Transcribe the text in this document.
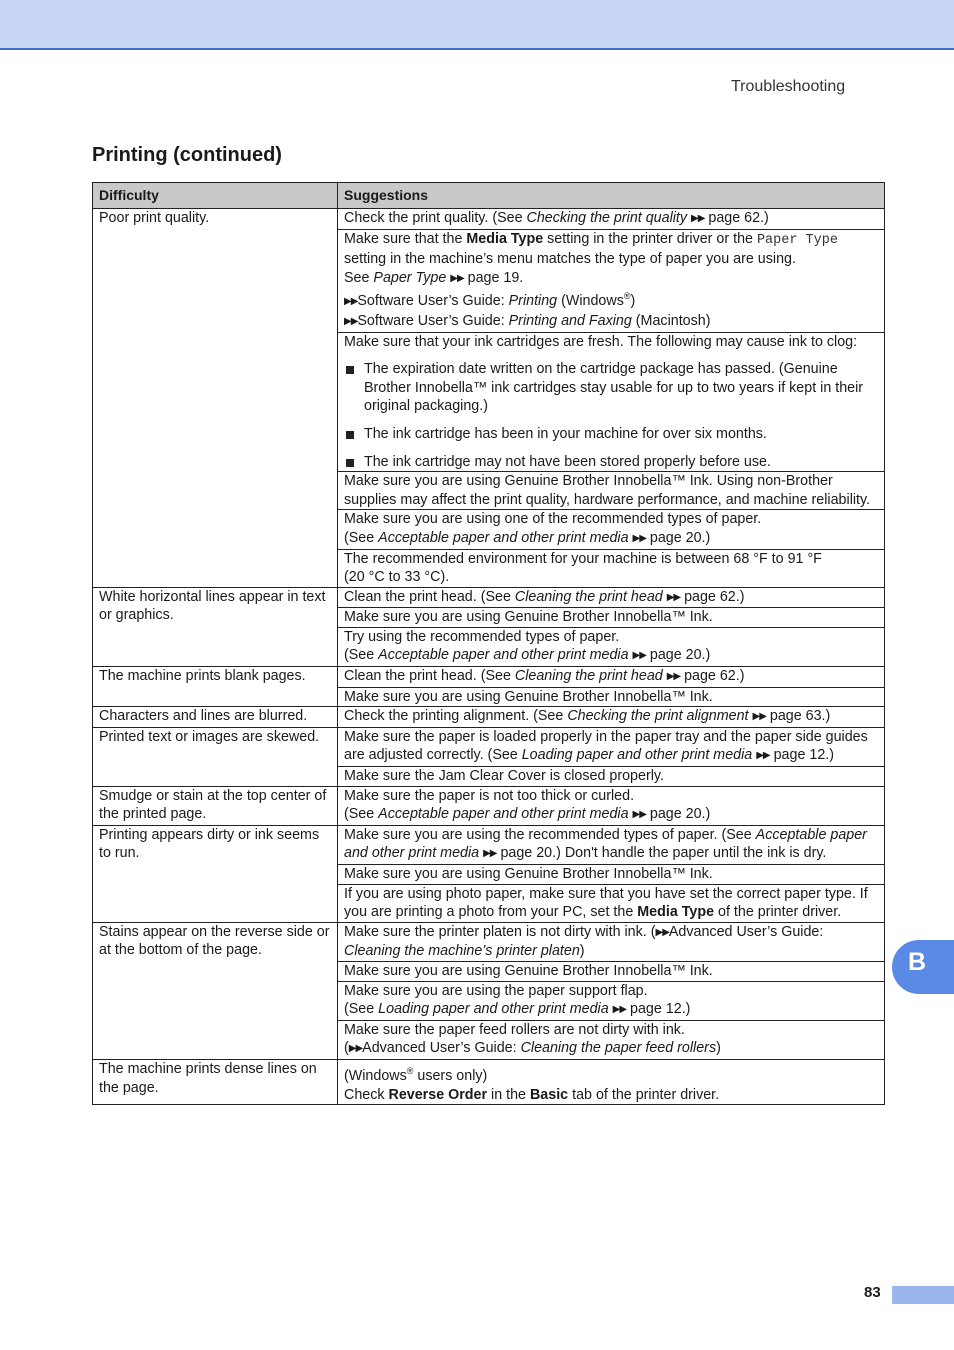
Troubleshooting
Printing (continued)
Difficulty	Suggestions
Poor print quality.	Check the print quality. (See Checking the print quality ▶▶ page 62.)
	Make sure that the Media Type setting in the printer driver or the Paper Type setting in the machine’s menu matches the type of paper you are using.
See Paper Type ▶▶ page 19.
▶▶Software User’s Guide: Printing (Windows®)
▶▶Software User’s Guide: Printing and Faxing (Macintosh)
	Make sure that your ink cartridges are fresh. The following may cause ink to clog:
The expiration date written on the cartridge package has passed. (Genuine Brother Innobella™ ink cartridges stay usable for up to two years if kept in their original packaging.)
The ink cartridge has been in your machine for over six months.
The ink cartridge may not have been stored properly before use.

	Make sure you are using Genuine Brother Innobella™ Ink. Using non-Brother supplies may affect the print quality, hardware performance, and machine reliability.
	Make sure you are using one of the recommended types of paper.
(See Acceptable paper and other print media ▶▶ page 20.)
	The recommended environment for your machine is between 68 °F to 91 °F
(20 °C to 33 °C).
White horizontal lines appear in text or graphics.	Clean the print head. (See Cleaning the print head ▶▶ page 62.)
	Make sure you are using Genuine Brother Innobella™ Ink.
	Try using the recommended types of paper.
(See Acceptable paper and other print media ▶▶ page 20.)
The machine prints blank pages.	Clean the print head. (See Cleaning the print head ▶▶ page 62.)
	Make sure you are using Genuine Brother Innobella™ Ink.
Characters and lines are blurred.	Check the printing alignment. (See Checking the print alignment ▶▶ page 63.)
Printed text or images are skewed.	Make sure the paper is loaded properly in the paper tray and the paper side guides are adjusted correctly. (See Loading paper and other print media ▶▶ page 12.)
	Make sure the Jam Clear Cover is closed properly.
Smudge or stain at the top center of the printed page.	Make sure the paper is not too thick or curled.
(See Acceptable paper and other print media ▶▶ page 20.)
Printing appears dirty or ink seems to run.	Make sure you are using the recommended types of paper. (See Acceptable paper and other print media ▶▶ page 20.) Don't handle the paper until the ink is dry.
	Make sure you are using Genuine Brother Innobella™ Ink.
	If you are using photo paper, make sure that you have set the correct paper type. If you are printing a photo from your PC, set the Media Type of the printer driver.
Stains appear on the reverse side or at the bottom of the page.	Make sure the printer platen is not dirty with ink. (▶▶Advanced User’s Guide: Cleaning the machine’s printer platen)
	Make sure you are using Genuine Brother Innobella™ Ink.
	Make sure you are using the paper support flap.
(See Loading paper and other print media ▶▶ page 12.)
	Make sure the paper feed rollers are not dirty with ink.
(▶▶Advanced User’s Guide: Cleaning the paper feed rollers)
The machine prints dense lines on the page.	(Windows® users only)
Check Reverse Order in the Basic tab of the printer driver.
B
83
